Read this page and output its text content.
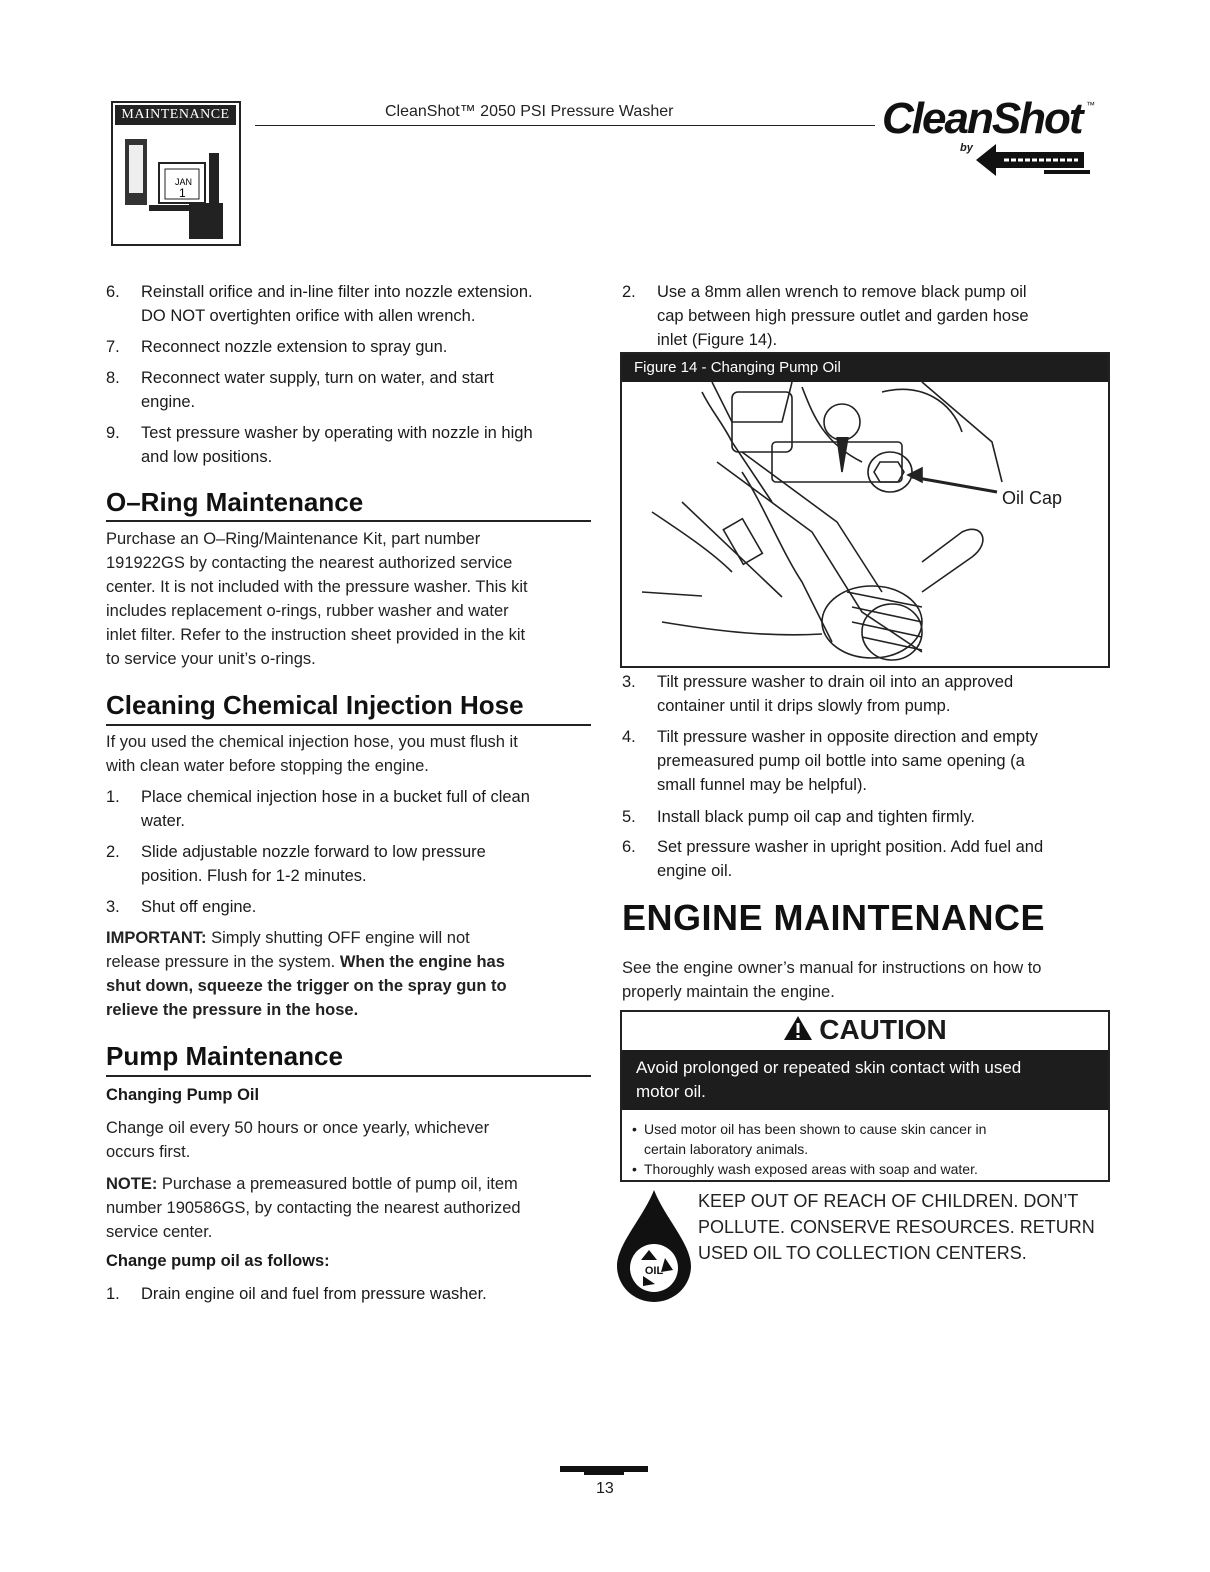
MAINTENANCE
JAN
1
CleanShot™ 2050 PSI Pressure Washer	CleanShot ™
by
6. Reinstall orifice and in-line filter into nozzle extension.
DO NOT overtighten orifice with allen wrench.
7. Reconnect nozzle extension to spray gun.
8. Reconnect water supply, turn on water, and start
engine.
9. Test pressure washer by operating with nozzle in high
and low positions.
O–Ring Maintenance
Purchase an O–Ring/Maintenance Kit, part number
191922GS by contacting the nearest authorized service
center. It is not included with the pressure washer. This kit
includes replacement o-rings, rubber washer and water
inlet filter. Refer to the instruction sheet provided in the kit
to service your unit’s o-rings.
Cleaning Chemical Injection Hose
If you used the chemical injection hose, you must flush it
with clean water before stopping the engine.
1. Place chemical injection hose in a bucket full of clean
water.
2. Slide adjustable nozzle forward to low pressure
position. Flush for 1-2 minutes.
3. Shut off engine.
IMPORTANT: Simply shutting OFF engine will not
release pressure in the system. When the engine has
shut down, squeeze the trigger on the spray gun to
relieve the pressure in the hose.
Pump Maintenance
Changing Pump Oil
Change oil every 50 hours or once yearly, whichever
occurs first.
NOTE: Purchase a premeasured bottle of pump oil, item
number 190586GS, by contacting the nearest authorized
service center.
Change pump oil as follows:
1. Drain engine oil and fuel from pressure washer.
2. Use a 8mm allen wrench to remove black pump oil
cap between high pressure outlet and garden hose
inlet (Figure 14).
Figure 14 - Changing Pump Oil
Oil Cap
3. Tilt pressure washer to drain oil into an approved
container until it drips slowly from pump.
4. Tilt pressure washer in opposite direction and empty
premeasured pump oil bottle into same opening (a
small funnel may be helpful).
5. Install black pump oil cap and tighten firmly.
6. Set pressure washer in upright position. Add fuel and
engine oil.
ENGINE MAINTENANCE
See the engine owner’s manual for instructions on how to
properly maintain the engine.
CAUTION
Avoid prolonged or repeated skin contact with used
motor oil.
• Used motor oil has been shown to cause skin cancer in
certain laboratory animals.
• Thoroughly wash exposed areas with soap and water.
OIL
KEEP OUT OF REACH OF CHILDREN. DON’T
POLLUTE. CONSERVE RESOURCES. RETURN
USED OIL TO COLLECTION CENTERS.
13
